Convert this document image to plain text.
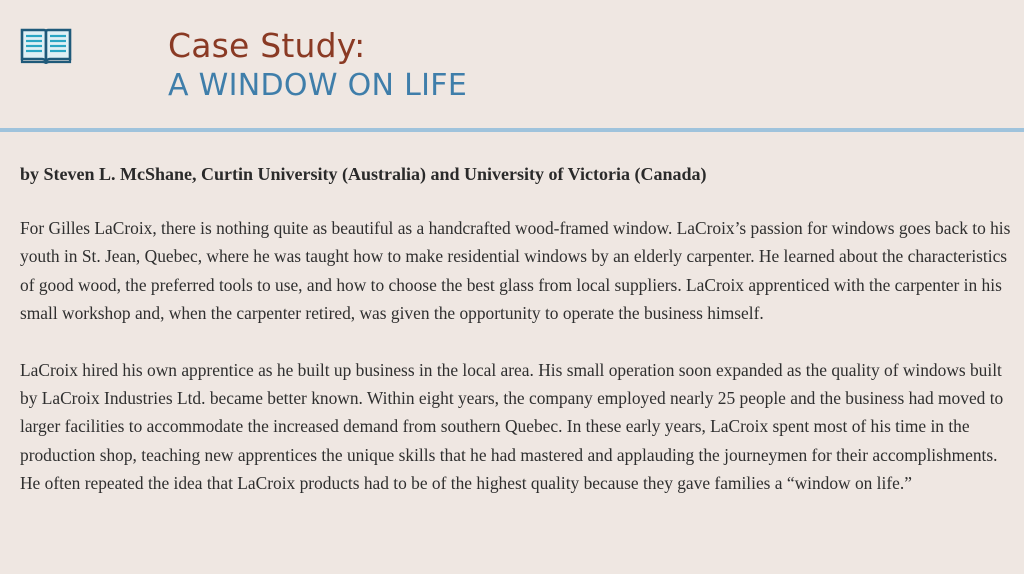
Case Study:
A WINDOW ON LIFE

by Steven L. McShane, Curtin University (Australia) and University of Victoria (Canada)

For Gilles LaCroix, there is nothing quite as beautiful as a handcrafted wood-framed window. LaCroix’s passion for windows goes back to his youth in St. Jean, Quebec, where he was taught how to make residential windows by an elderly carpenter. He learned about the characteristics of good wood, the preferred tools to use, and how to choose the best glass from local suppliers. LaCroix apprenticed with the carpenter in his small workshop and, when the carpenter retired, was given the opportunity to operate the business himself.

LaCroix hired his own apprentice as he built up business in the local area. His small operation soon expanded as the quality of windows built by LaCroix Industries Ltd. became better known. Within eight years, the company employed nearly 25 people and the business had moved to larger facilities to accommodate the increased demand from southern Quebec. In these early years, LaCroix spent most of his time in the production shop, teaching new apprentices the unique skills that he had mastered and applauding the journeymen for their accomplishments. He often repeated the idea that LaCroix products had to be of the highest quality because they gave families a “window on life.”
